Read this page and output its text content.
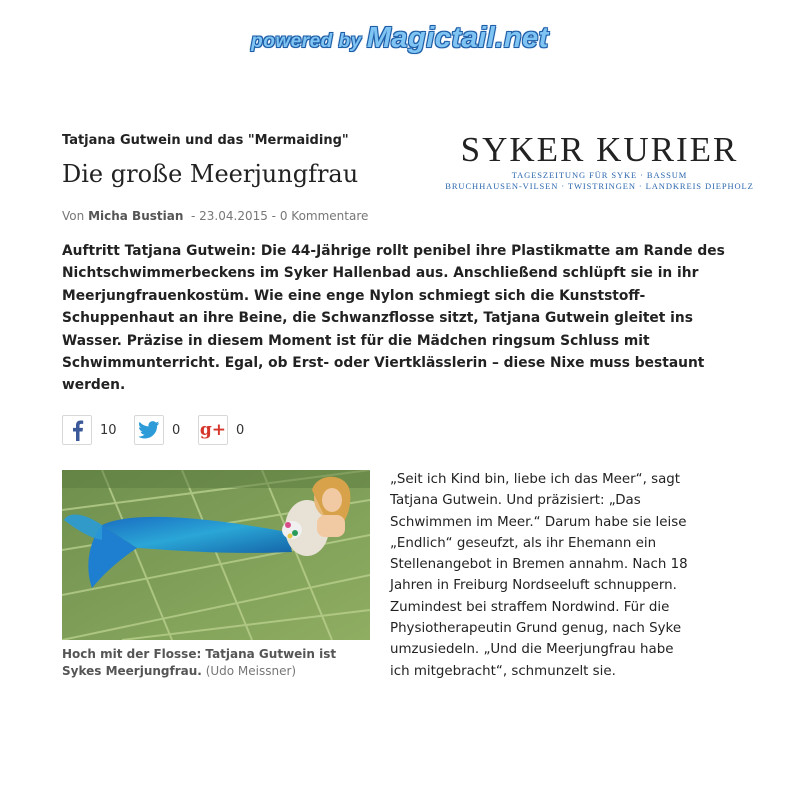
powered by Magictail.net
Tatjana Gutwein und das "Mermaiding"
Die große Meerjungfrau
Von Micha Bustian - 23.04.2015 - 0 Kommentare
SYKER KURIER
TAGESZEITUNG FÜR SYKE · BASSUM
BRUCHHAUSEN-VILSEN · TWISTRINGEN · LANDKREIS DIEPHOLZ
Auftritt Tatjana Gutwein: Die 44-Jährige rollt penibel ihre Plastikmatte am Rande des Nichtschwimmerbeckens im Syker Hallenbad aus. Anschließend schlüpft sie in ihr Meerjungfrauenkostüm. Wie eine enge Nylon schmiegt sich die Kunststoff-Schuppenhaut an ihre Beine, die Schwanzflosse sitzt, Tatjana Gutwein gleitet ins Wasser. Präzise in diesem Moment ist für die Mädchen ringsum Schluss mit Schwimmunterricht. Egal, ob Erst- oder Viertklässlerin – diese Nixe muss bestaunt werden.
10	0 g+ 0
Hoch mit der Flosse: Tatjana Gutwein ist Sykes Meerjungfrau. (Udo Meissner)
„Seit ich Kind bin, liebe ich das Meer“, sagt
Tatjana Gutwein. Und präzisiert: „Das
Schwimmen im Meer.“ Darum habe sie leise
„Endlich“ geseufzt, als ihr Ehemann ein
Stellenangebot in Bremen annahm. Nach 18
Jahren in Freiburg Nordseeluft schnuppern.
Zumindest bei straffem Nordwind. Für die
Physiotherapeutin Grund genug, nach Syke
umzusiedeln. „Und die Meerjungfrau habe
ich mitgebracht“, schmunzelt sie.
